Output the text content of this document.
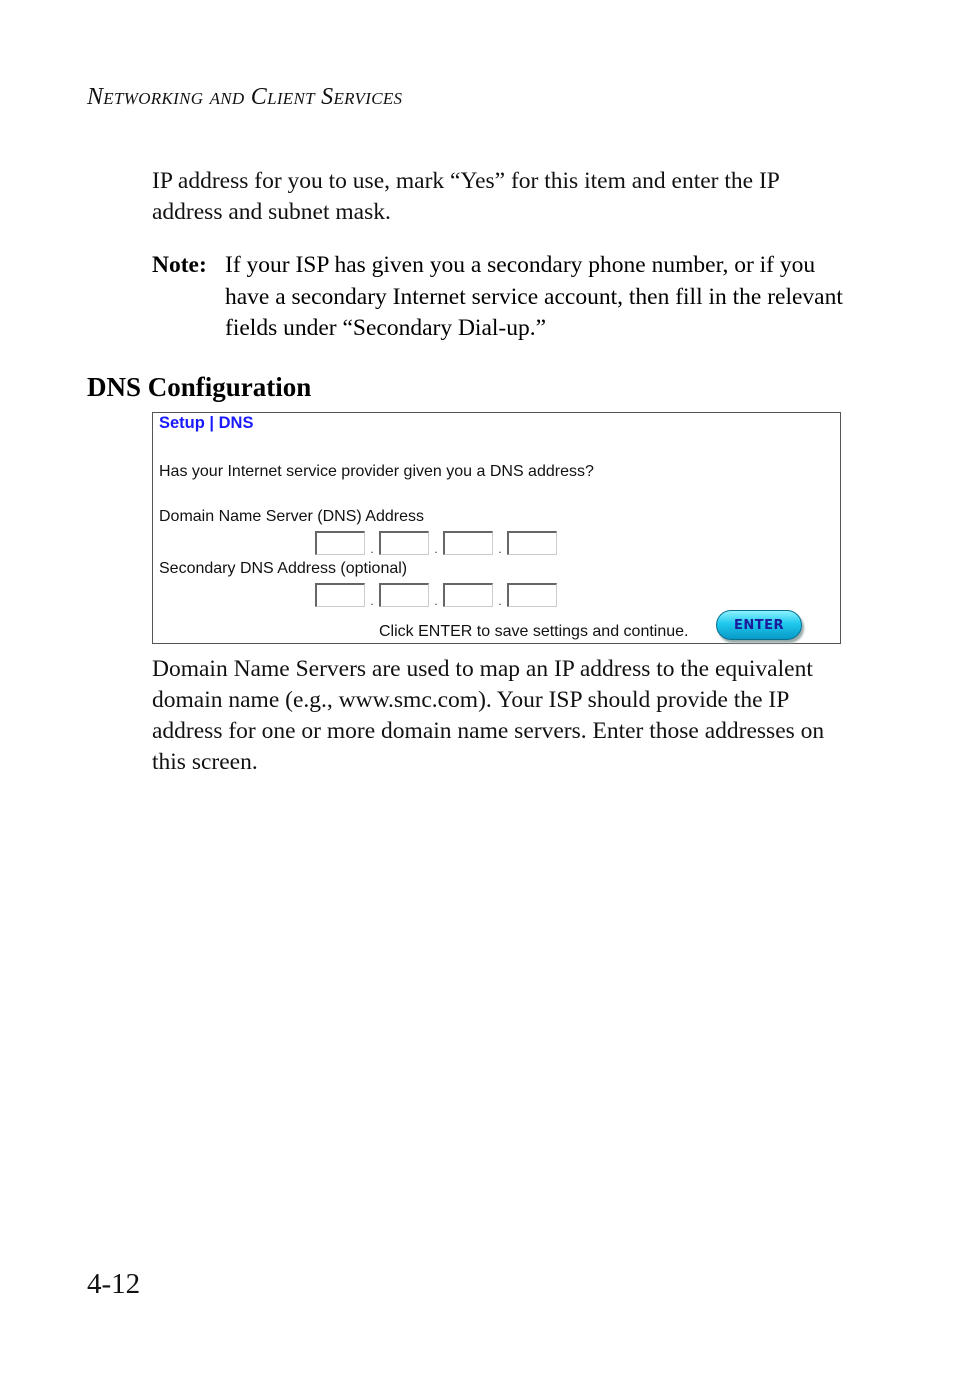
Networking and Client Services
IP address for you to use, mark “Yes” for this item and enter the IP address and subnet mask.
Note: If your ISP has given you a secondary phone number, or if you have a secondary Internet service account, then fill in the relevant fields under “Secondary Dial-up.”
DNS Configuration
Setup | DNS
Has your Internet service provider given you a DNS address?
Domain Name Server (DNS) Address
.	.	.
Secondary DNS Address (optional)
.	.	.
Click ENTER to save settings and continue.	ENTER
Domain Name Servers are used to map an IP address to the equivalent domain name (e.g., www.smc.com). Your ISP should provide the IP address for one or more domain name servers. Enter those addresses on this screen.
4-12
